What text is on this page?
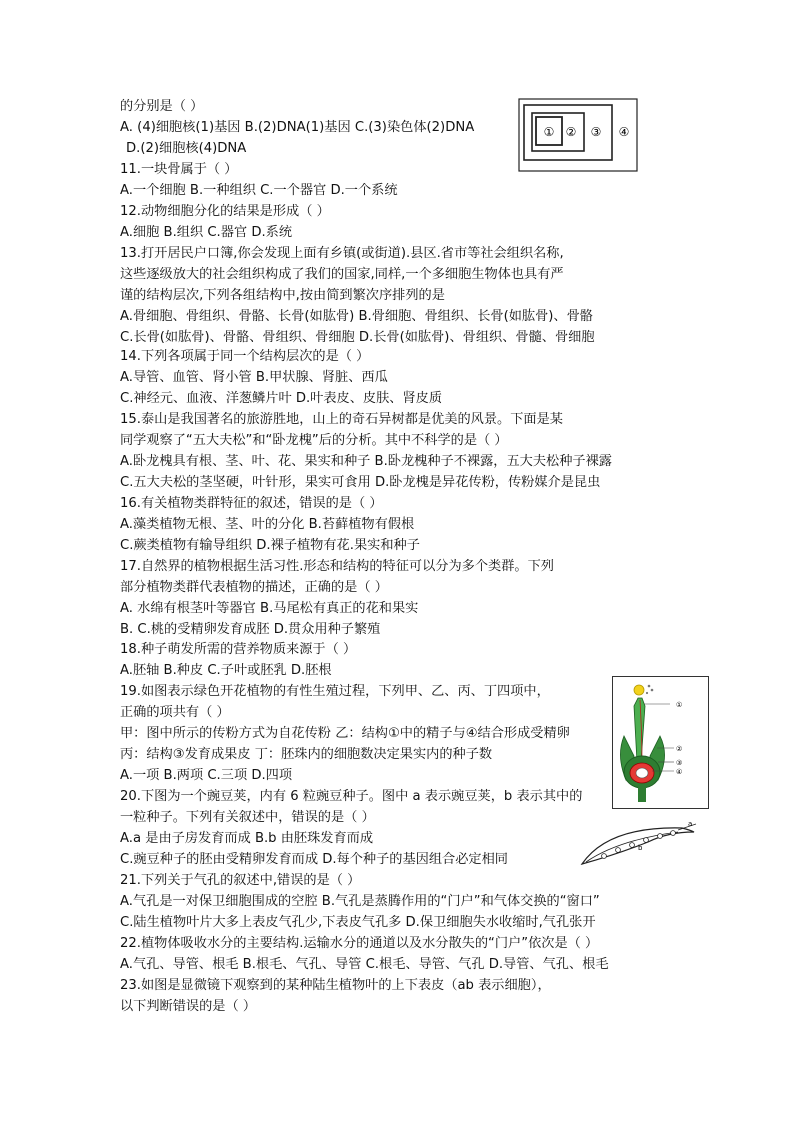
的分别是（ ）
A. (4)细胞核(1)基因 B.(2)DNA(1)基因 C.(3)染色体(2)DNA
D.(2)细胞核(4)DNA
11.一块骨属于（ ）
A.一个细胞 B.一种组织 C.一个器官 D.一个系统
12.动物细胞分化的结果是形成（ ）
A.细胞 B.组织 C.器官 D.系统
13.打开居民户口簿,你会发现上面有乡镇(或街道).县区.省市等社会组织名称,
这些逐级放大的社会组织构成了我们的国家,同样,一个多细胞生物体也具有严
谨的结构层次,下列各组结构中,按由简到繁次序排列的是
A.骨细胞、骨组织、骨骼、长骨(如肱骨) B.骨细胞、骨组织、长骨(如肱骨)、骨骼
C.长骨(如肱骨)、骨骼、骨组织、骨细胞 D.长骨(如肱骨)、骨组织、骨髓、骨细胞
14.下列各项属于同一个结构层次的是（ ）
A.导管、血管、肾小管 B.甲状腺、肾脏、西瓜
C.神经元、血液、洋葱鳞片叶 D.叶表皮、皮肤、肾皮质
15.泰山是我国著名的旅游胜地，山上的奇石异树都是优美的风景。下面是某
同学观察了“五大夫松”和“卧龙槐”后的分析。其中不科学的是（ ）
A.卧龙槐具有根、茎、叶、花、果实和种子 B.卧龙槐种子不裸露，五大夫松种子裸露
C.五大夫松的茎坚硬，叶针形，果实可食用 D.卧龙槐是异花传粉，传粉媒介是昆虫
16.有关植物类群特征的叙述，错误的是（ ）
A.藻类植物无根、茎、叶的分化 B.苔藓植物有假根
C.蕨类植物有输导组织 D.裸子植物有花.果实和种子
17.自然界的植物根据生活习性.形态和结构的特征可以分为多个类群。下列
部分植物类群代表植物的描述，正确的是（ ）
A. 水绵有根茎叶等器官 B.马尾松有真正的花和果实
B. C.桃的受精卵发育成胚 D.贯众用种子繁殖
18.种子萌发所需的营养物质来源于（ ）
A.胚轴 B.种皮 C.子叶或胚乳 D.胚根
19.如图表示绿色开花植物的有性生殖过程，下列甲、乙、丙、丁四项中，
正确的项共有（ ）
甲：图中所示的传粉方式为自花传粉 乙：结构①中的精子与④结合形成受精卵
丙：结构③发育成果皮 丁：胚珠内的细胞数决定果实内的种子数
A.一项 B.两项 C.三项 D.四项
20.下图为一个豌豆荚，内有 6 粒豌豆种子。图中 a 表示豌豆荚，b 表示其中的
一粒种子。下列有关叙述中，错误的是（ ）
A.a 是由子房发育而成 B.b 由胚珠发育而成
C.豌豆种子的胚由受精卵发育而成 D.每个种子的基因组合必定相同
21.下列关于气孔的叙述中,错误的是（ ）
A.气孔是一对保卫细胞围成的空腔 B.气孔是蒸腾作用的“门户”和气体交换的“窗口”
C.陆生植物叶片大多上表皮气孔少,下表皮气孔多 D.保卫细胞失水收缩时,气孔张开
22.植物体吸收水分的主要结构.运输水分的通道以及水分散失的“门户”依次是（ ）
A.气孔、导管、根毛 B.根毛、气孔、导管 C.根毛、导管、气孔 D.导管、气孔、根毛
23.如图是显微镜下观察到的某种陆生植物叶的上下表皮（ab 表示细胞），
以下判断错误的是（ ）
① ② ③ ④
①
②
③
④
a
b
